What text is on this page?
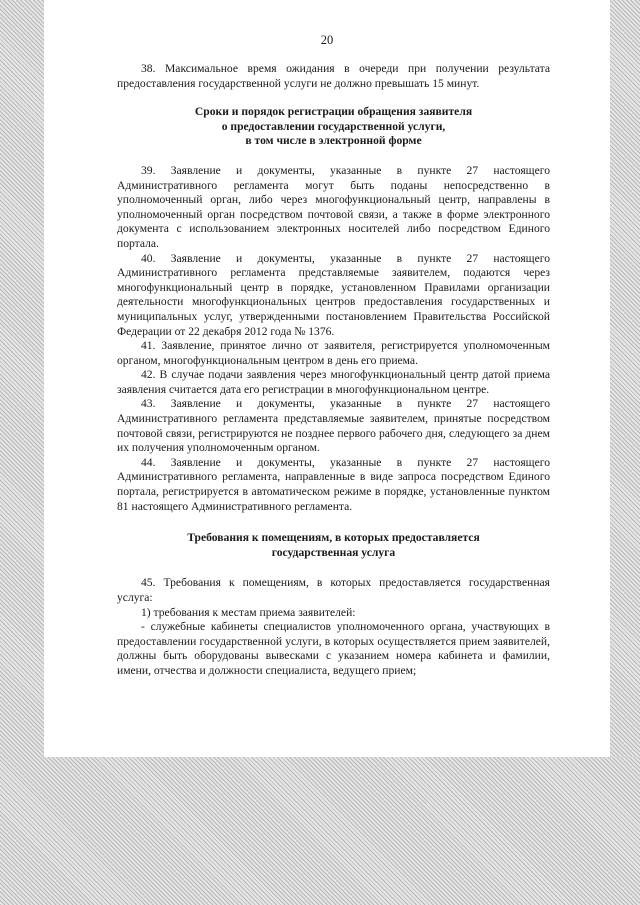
20

38. Максимальное время ожидания в очереди при получении результата предоставления государственной услуги не должно превышать 15 минут.

Сроки и порядок регистрации обращения заявителя
о предоставлении государственной услуги,
в том числе в электронной форме

39. Заявление и документы, указанные в пункте 27 настоящего Административного регламента могут быть поданы непосредственно в уполномоченный орган, либо через многофункциональный центр, направлены в уполномоченный орган посредством почтовой связи, а также в форме электронного документа с использованием электронных носителей либо посредством Единого портала.

40. Заявление и документы, указанные в пункте 27 настоящего Административного регламента представляемые заявителем, подаются через многофункциональный центр в порядке, установленном Правилами организации деятельности многофункциональных центров предоставления государственных и муниципальных услуг, утвержденными постановлением Правительства Российской Федерации от 22 декабря 2012 года № 1376.

41. Заявление, принятое лично от заявителя, регистрируется уполномоченным органом, многофункциональным центром в день его приема.

42. В случае подачи заявления через многофункциональный центр датой приема заявления считается дата его регистрации в многофункциональном центре.

43. Заявление и документы, указанные в пункте 27 настоящего Административного регламента представляемые заявителем, принятые посредством почтовой связи, регистрируются не позднее первого рабочего дня, следующего за днем их получения уполномоченным органом.

44. Заявление и документы, указанные в пункте 27 настоящего Административного регламента, направленные в виде запроса посредством Единого портала, регистрируется в автоматическом режиме в порядке, установленные пунктом 81 настоящего Административного регламента.

Требования к помещениям, в которых предоставляется
государственная услуга

45. Требования к помещениям, в которых предоставляется государственная услуга:

1) требования к местам приема заявителей:

- служебные кабинеты специалистов уполномоченного органа, участвующих в предоставлении государственной услуги, в которых осуществляется прием заявителей, должны быть оборудованы вывесками с указанием номера кабинета и фамилии, имени, отчества и должности специалиста, ведущего прием;
